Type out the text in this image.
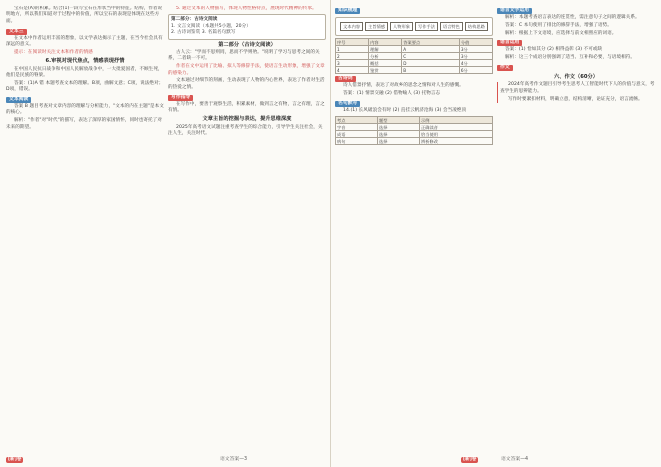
宝石是(A)的积累。结合(1)一段写宝石在形状当中的特征。结构，作者说明地方，所以我们知道对于过程中的价值，所以宝石的表现是体现在这些方面。

文本三

在文本中作者运用丰富的想象，以文学表达揭示了主题，在当今社会具有深远的意义。

提示：在阅读时关注文本和作者的情感

6.审视对现代焦点，情感表现抒情

在中国人民抗日战争和中国人民解放战争中，一大批爱国者，不顾生死，他们是民族的脊梁。

答案：(1)A 错 本题考查文本的理解。B项，曲解文意；C项，说法绝对；D项，错误。

文本阅读

答案 B 题目考查对文章内容的理解与分析能力，"文本的内在主题"是本文的核心。

解析："作者"对"时代"的描写，表达了深厚的家国情怀，同时也寄托了对未来的期望。

5. 通过文本的人物描写，体现人物性格特点，展现时代精神的传承。

第二部分：古诗文阅读
1. 文言文阅读（本题共5小题，20分）
2. 古诗词鉴赏 3. 名篇名句默写
第二部分（古诗文阅读）

古人云："学而不思则罔，思而不学则殆。"说明了学习与思考之间的关系，二者缺一不可。

作者在文中运用了比喻、拟人等修辞手法，使语言生动形象，增强了文章的感染力。

文本通过对细节的刻画，生动表现了人物的内心世界，表达了作者对生活的热爱之情。

写作指导

在写作中，要善于观察生活，积累素材，做到言之有物，言之有理，言之有情。

文章主旨的挖掘与表达，提升思维深度

2025年高考语文试题注重考查学生的综合能力，引导学生关注社会，关注人生，关注时代。

[新]卷	语文答案—3
知识梳理
文本内容	主旨情感	人物形象	写作手法	语言特色	结构思路
序号	内容	答案要点	分值
1	理解	A	3分
2	分析	C	3分
3	概括	D	4分
4	鉴赏	B	6分
古诗词

诗人借景抒情，表达了对故乡的思念之情和对人生的感慨。

答案：(1) 情景交融 (2) 借物喻人 (3) 托物言志

名句默写

14.(1) 长风破浪会有时 (2) 直挂云帆济沧海 (3) 会当凌绝顶

考点	题型	示例
字音	选择	正确读音
成语	选择	恰当使用
病句	选择	辨析修改
语言文字运用

解析：本题考查语言表达的连贯性，需注意句子之间的逻辑关系。

答案：C 本句使用了排比的修辞手法，增强了语势。

解析：根据上下文语境，应选择与前文相照应的词语。

语言运用

答案：(1) 恰如其分 (2) 相得益彰 (3) 不可或缺

解析：这三个成语分别强调了适当、互补和必要，与语境相符。

作文
六、作文（60分）

2024年高考作文题目引导考生思考人工智能时代下人的价值与意义，考查学生的思辨能力。

写作时要紧扣材料，明确立意，结构清晰，论证充分，语言流畅。

[新]卷	语文答案—4
